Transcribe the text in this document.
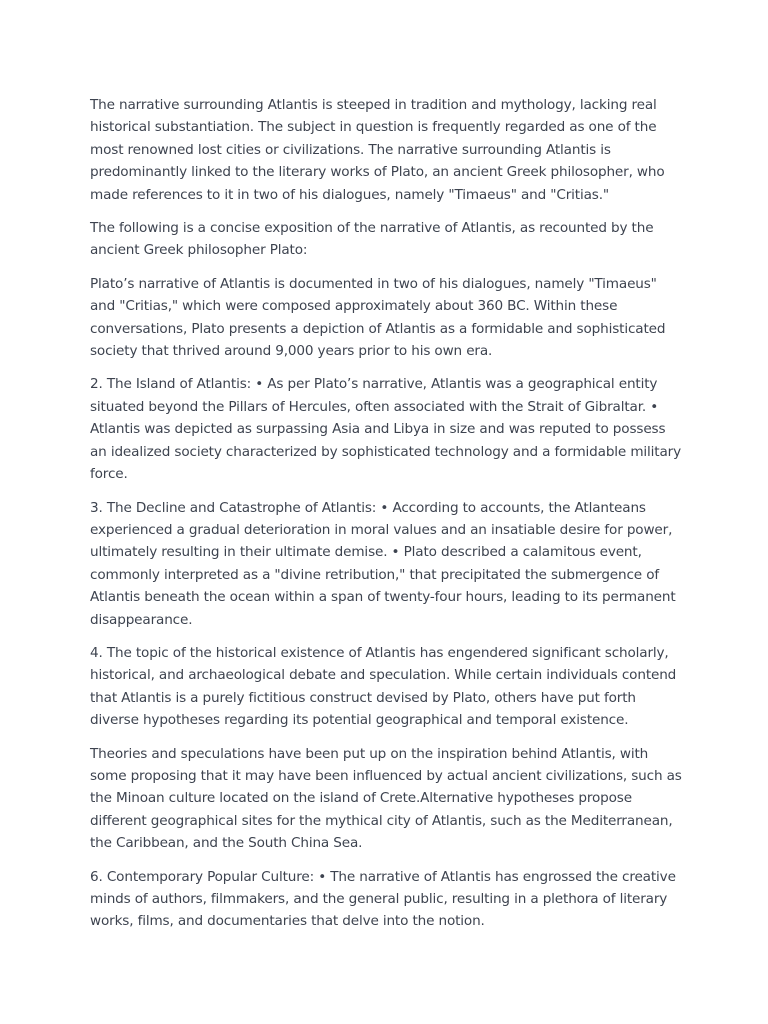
The narrative surrounding Atlantis is steeped in tradition and mythology, lacking real historical substantiation. The subject in question is frequently regarded as one of the most renowned lost cities or civilizations. The narrative surrounding Atlantis is predominantly linked to the literary works of Plato, an ancient Greek philosopher, who made references to it in two of his dialogues, namely "Timaeus" and "Critias."

The following is a concise exposition of the narrative of Atlantis, as recounted by the ancient Greek philosopher Plato:

Plato’s narrative of Atlantis is documented in two of his dialogues, namely "Timaeus" and "Critias," which were composed approximately about 360 BC. Within these conversations, Plato presents a depiction of Atlantis as a formidable and sophisticated society that thrived around 9,000 years prior to his own era.

2. The Island of Atlantis: • As per Plato’s narrative, Atlantis was a geographical entity situated beyond the Pillars of Hercules, often associated with the Strait of Gibraltar. • Atlantis was depicted as surpassing Asia and Libya in size and was reputed to possess an idealized society characterized by sophisticated technology and a formidable military force.

3. The Decline and Catastrophe of Atlantis: • According to accounts, the Atlanteans experienced a gradual deterioration in moral values and an insatiable desire for power, ultimately resulting in their ultimate demise. • Plato described a calamitous event, commonly interpreted as a "divine retribution," that precipitated the submergence of Atlantis beneath the ocean within a span of twenty-four hours, leading to its permanent disappearance.

4. The topic of the historical existence of Atlantis has engendered significant scholarly, historical, and archaeological debate and speculation. While certain individuals contend that Atlantis is a purely fictitious construct devised by Plato, others have put forth diverse hypotheses regarding its potential geographical and temporal existence.

Theories and speculations have been put up on the inspiration behind Atlantis, with some proposing that it may have been influenced by actual ancient civilizations, such as the Minoan culture located on the island of Crete.Alternative hypotheses propose different geographical sites for the mythical city of Atlantis, such as the Mediterranean, the Caribbean, and the South China Sea.

6. Contemporary Popular Culture: • The narrative of Atlantis has engrossed the creative minds of authors, filmmakers, and the general public, resulting in a plethora of literary works, films, and documentaries that delve into the notion.
